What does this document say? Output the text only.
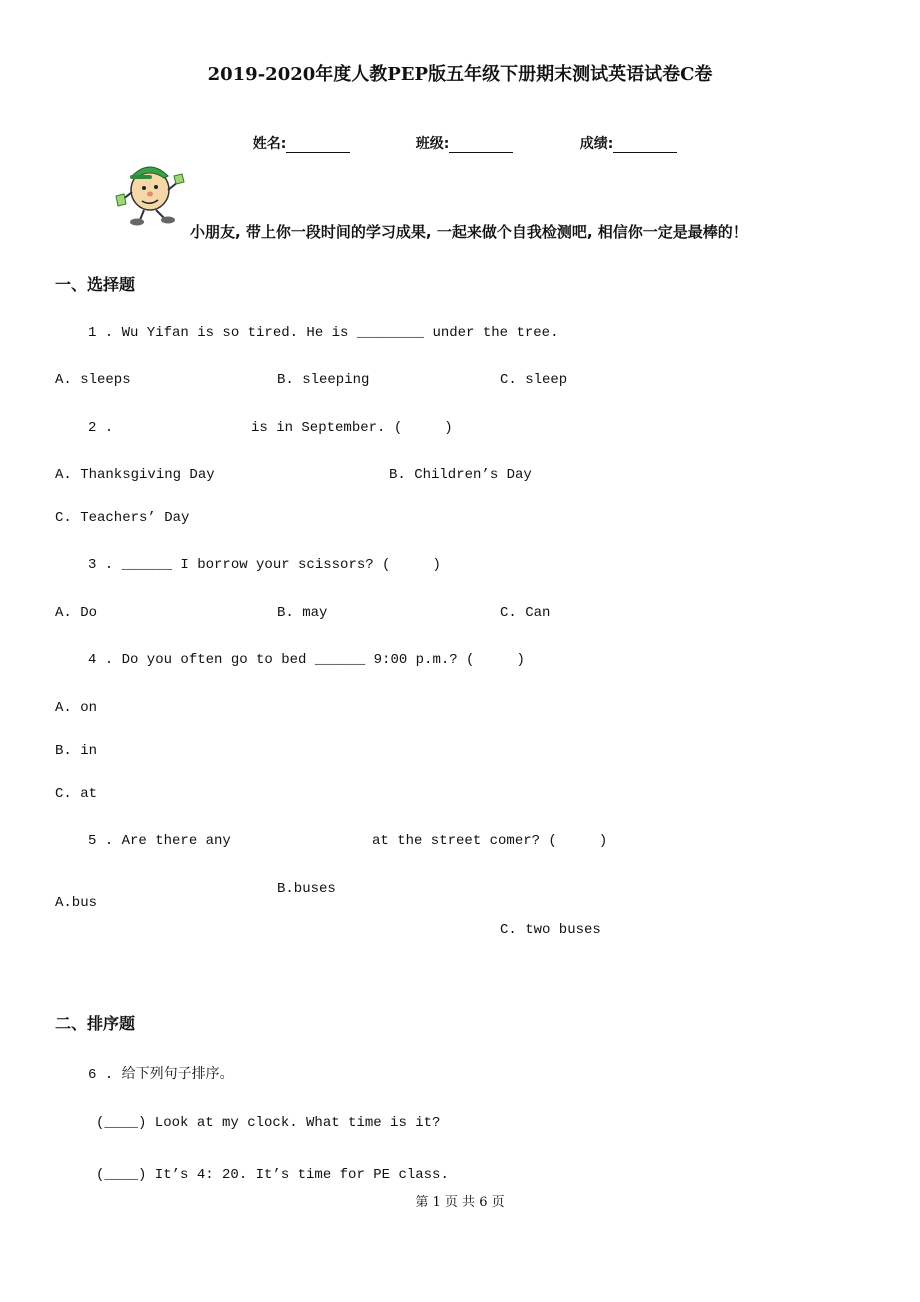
2019-2020年度人教PEP版五年级下册期末测试英语试卷C卷

姓名:	班级:	成绩:

小朋友, 带上你一段时间的学习成果, 一起来做个自我检测吧, 相信你一定是最棒的！
一、选择题
1 . Wu Yifan is so tired. He is ________ under the tree.
A. sleeps	B. sleeping	C. sleep
2 .	is in September. (     )
A. Thanksgiving Day	B. Children’s Day
C. Teachers’ Day
3 . ______ I borrow your scissors? (     )
A. Do	B. may	C. Can
4 . Do you often go to bed ______ 9:00 p.m.? (     )
A. on
B. in
C. at
5 . Are there any	at the street comer? (     )
A.bus
B.buses
C. two buses
二、排序题
6 . 给下列句子排序。
(____) Look at my clock. What time is it?
(____) It’s 4: 20. It’s time for PE class.
第 1 页 共 6 页
